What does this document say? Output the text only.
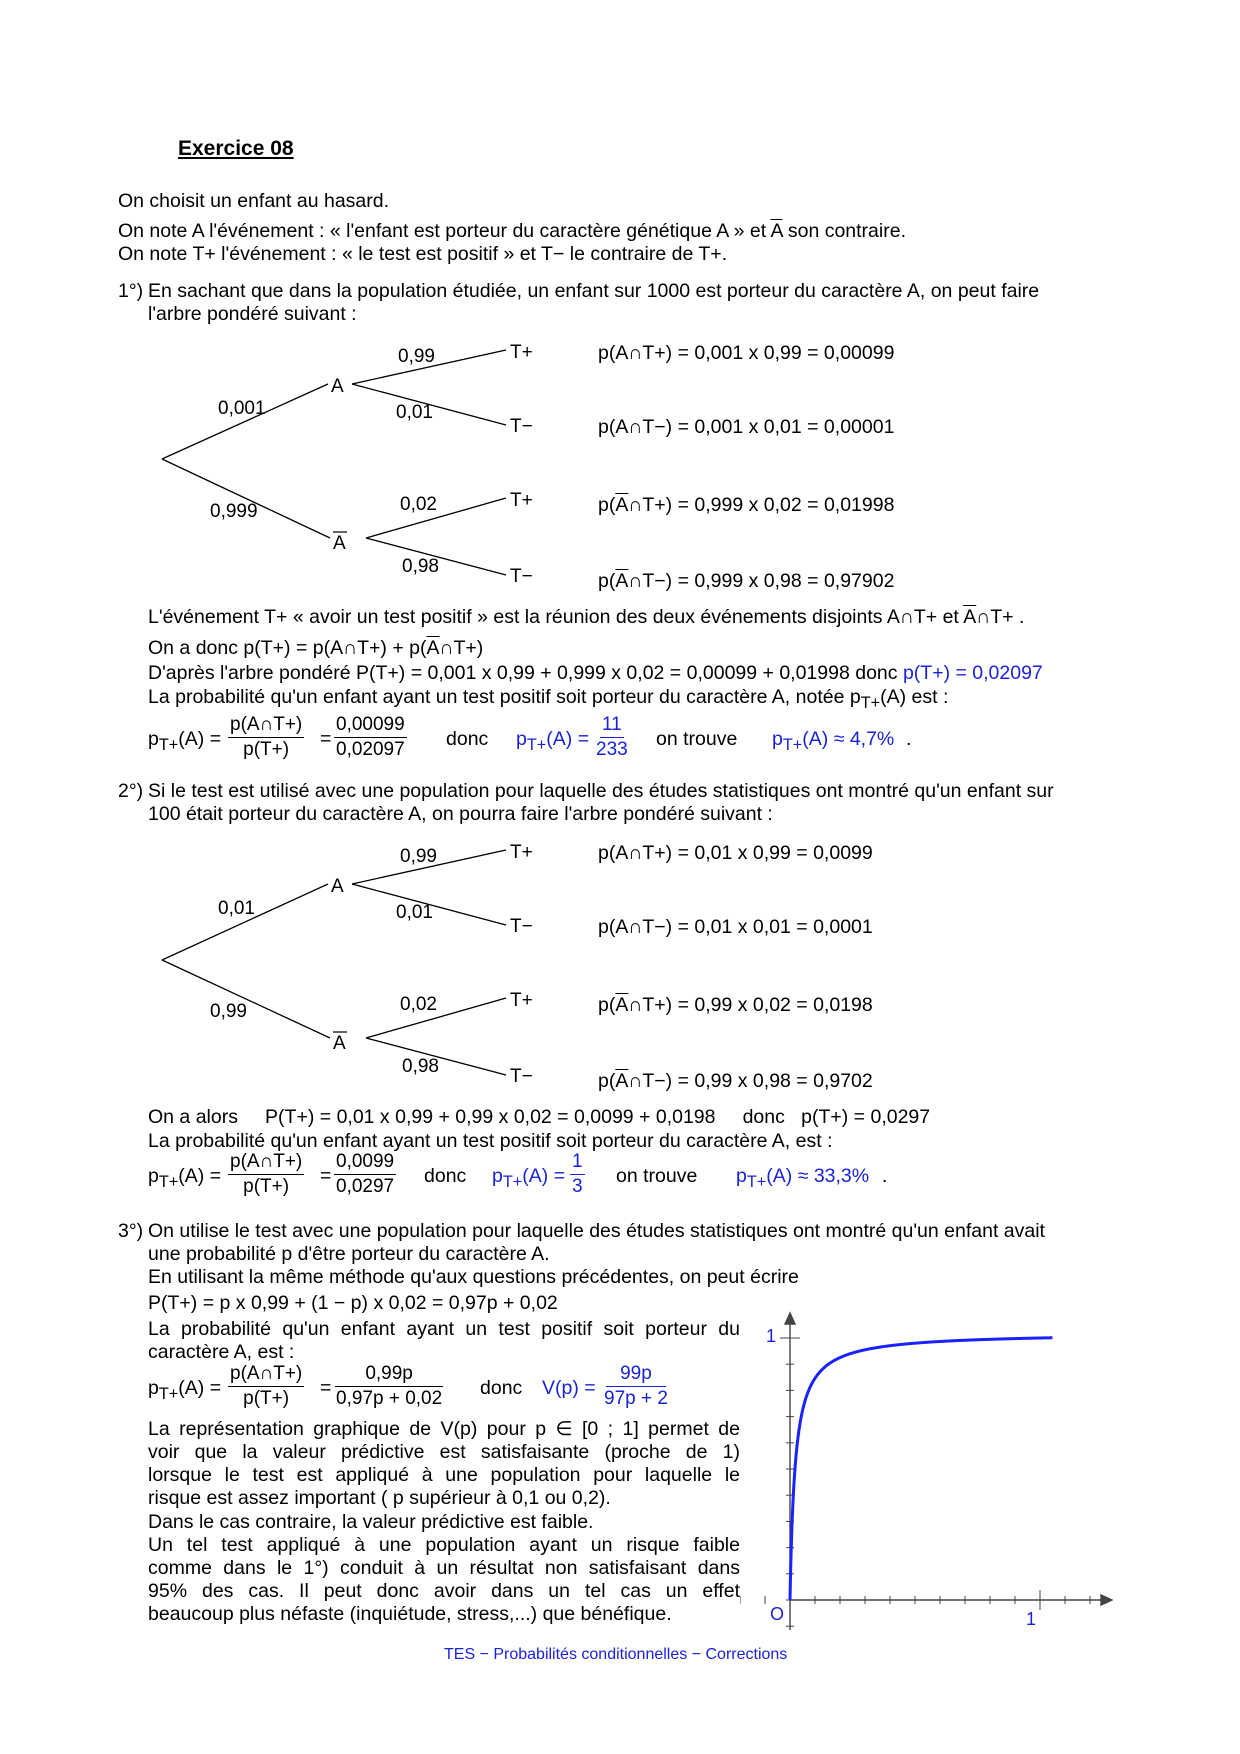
Exercice 08
On choisit un enfant au hasard.
On note A l'événement : « l'enfant est porteur du caractère génétique A » et $\overline{A}$ son contraire.
On note T+ l'événement : « le test est positif » et T− le contraire de T+.
1°) En sachant que dans la population étudiée, un enfant sur 1000 est porteur du caractère A, on peut faire
l'arbre pondéré suivant :
0,001
0,999
0,99
0,01
0,02
0,98
A
A
T+
T−
T+
T−
p(A∩T+) = 0,001 x 0,99 = 0,00099
p(A∩T−) = 0,001 x 0,01 = 0,00001
$p(\overline{A}\cap T+) = 0,999$ x 0,02 = 0,01998
$p(\overline{A}\cap T-) = 0,999$ x 0,98 = 0,97902
L'événement T+ « avoir un test positif » est la réunion des deux événements disjoints A∩T+ et $\overline{A}\cap T+$ .
On a donc p(T+) = p(A∩T+) + $p(\overline{A}\cap T+)$
D'après l'arbre pondéré P(T+) = 0,001 x 0,99 + 0,999 x 0,02 = 0,00099 + 0,01998 donc p(T+) = 0,02097
La probabilité qu'un enfant ayant un test positif soit porteur du caractère A, notée $p_{T+}(A)$ est :
$p_{T+}(A) = \frac{p(A\cap T+)}{p(T+)} = \frac{0,00099}{0,02097}$ donc $p_{T+}(A) = \frac{11}{233}$ on trouve $p_{T+}(A) \approx 4,7\%$ .
2°) Si le test est utilisé avec une population pour laquelle des études statistiques ont montré qu'un enfant sur
100 était porteur du caractère A, on pourra faire l'arbre pondéré suivant :
0,01
0,99
0,99
0,01
0,02
0,98
A
A
T+
T−
T+
T−
p(A∩T+) = 0,01 x 0,99 = 0,0099
p(A∩T−) = 0,01 x 0,01 = 0,0001
$p(\overline{A}\cap T+) = 0,99$ x 0,02 = 0,0198
$p(\overline{A}\cap T-) = 0,99$ x 0,98 = 0,9702
On a alors     P(T+) = 0,01 x 0,99 + 0,99 x 0,02 = 0,0099 + 0,0198     donc   p(T+) = 0,0297
La probabilité qu'un enfant ayant un test positif soit porteur du caractère A, est :
$p_{T+}(A) = \frac{p(A\cap T+)}{p(T+)} = \frac{0,0099}{0,0297}$ donc $p_{T+}(A) = \frac{1}{3}$ on trouve $p_{T+}(A) \approx 33,3\%$ .
3°) On utilise le test avec une population pour laquelle des études statistiques ont montré qu'un enfant avait
une probabilité p d'être porteur du caractère A.
En utilisant la même méthode qu'aux questions précédentes, on peut écrire
P(T+) = p x 0,99 + (1 − p) x 0,02 = 0,97p + 0,02
La probabilité qu'un enfant ayant un test positif soit porteur du
caractère A, est :
$p_{T+}(A) = \frac{p(A\cap T+)}{p(T+)} = \frac{0,99p}{0,97p + 0,02}$ donc $V(p) = \frac{99p}{97p + 2}$
La représentation graphique de V(p) pour p ∈ [0 ; 1] permet de
voir que la valeur prédictive est satisfaisante (proche de 1)
lorsque le test est appliqué à une population pour laquelle le
risque est assez important ( p supérieur à 0,1 ou 0,2).
Dans le cas contraire, la valeur prédictive est faible.
Un tel test appliqué à une population ayant un risque faible
comme dans le 1°) conduit à un résultat non satisfaisant dans
95% des cas. Il peut donc avoir dans un tel cas un effet
beaucoup plus néfaste (inquiétude, stress,...) que bénéfique.	O	1
1
TES − Probabilités conditionnelles − Corrections
